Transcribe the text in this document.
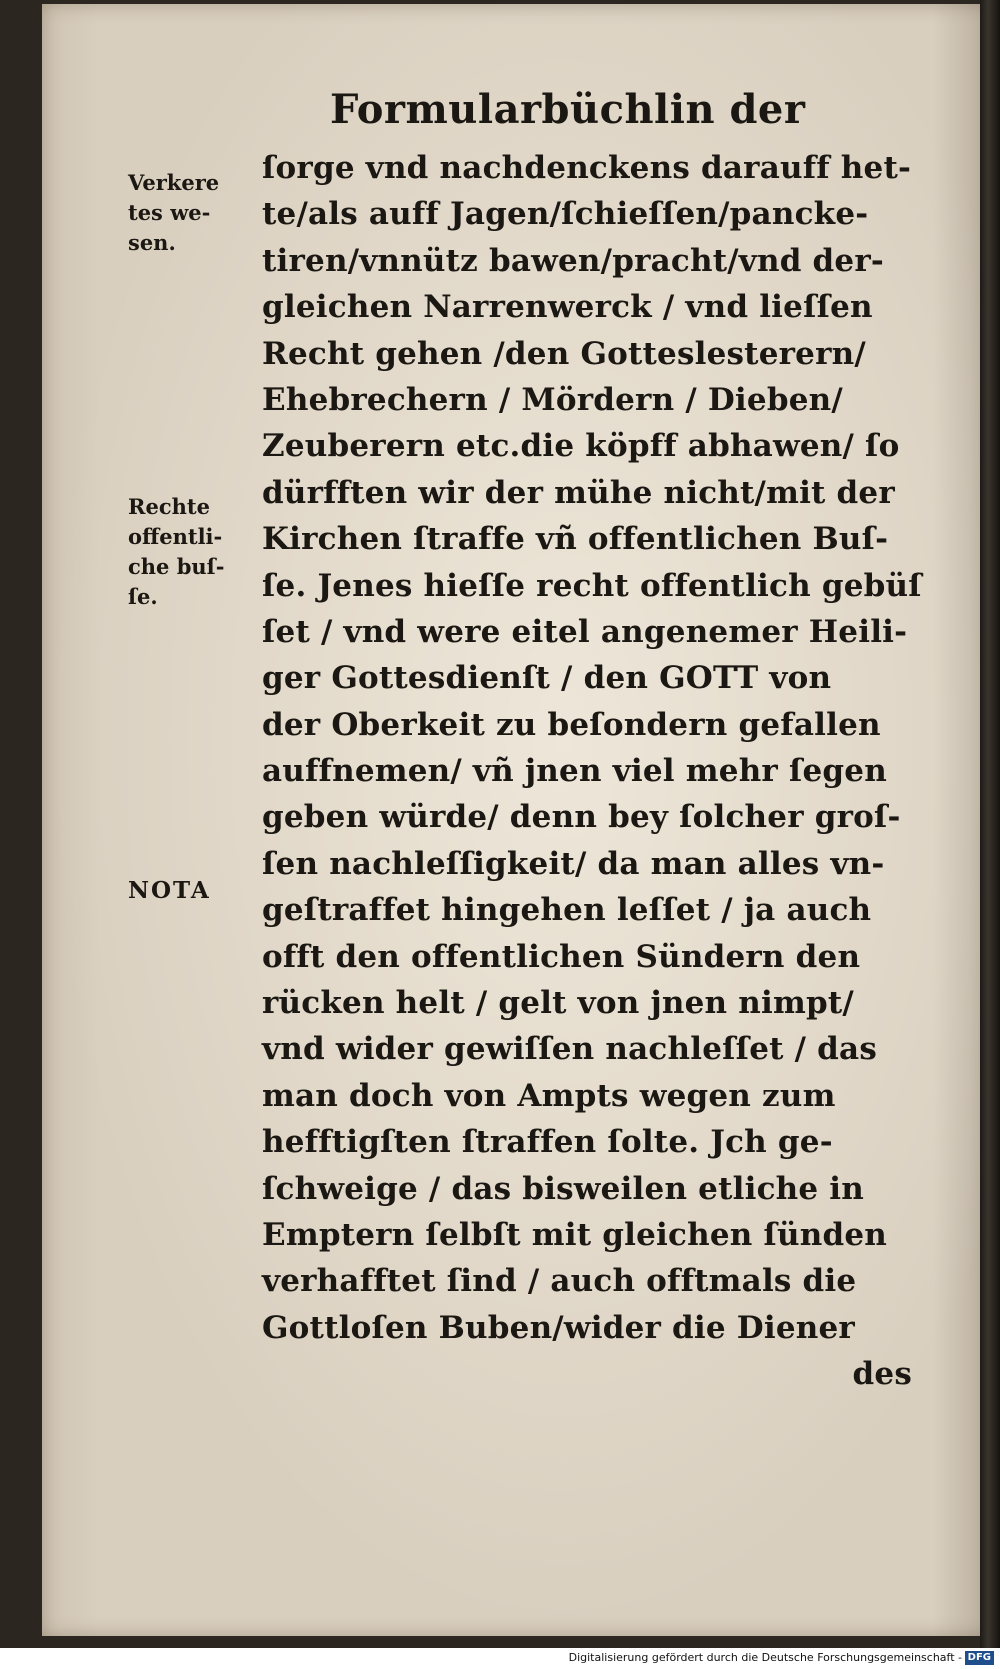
Formularbüchlin der
Verkere
tes we-
sen.
Rechte
offentli-
che buſ-
ſe.
NOTA
ſorge vnd nachdenckens darauff het-
te/als auff Jagen/ſchieſſen/pancke-
tiren/vnnütz bawen/pracht/vnd der-
gleichen Narrenwerck / vnd lieſſen
Recht gehen /den Gotteslesterern/
Ehebrechern / Mördern / Dieben/
Zeuberern etc.die köpff abhawen/ ſo
dürfften wir der mühe nicht/mit der
Kirchen ſtraffe vñ offentlichen Buſ-
ſe. Jenes hieſſe recht offentlich gebüſ
ſet / vnd were eitel angenemer Heili-
ger Gottesdienſt / den GOTT von
der Oberkeit zu beſondern gefallen
auffnemen/ vñ jnen viel mehr ſegen
geben würde/ denn bey ſolcher groſ-
ſen nachleſſigkeit/ da man alles vn-
geſtraffet hingehen leſſet / ja auch
offt den offentlichen Sündern den
rücken helt / gelt von jnen nimpt/
vnd wider gewiſſen nachleſſet / das
man doch von Ampts wegen zum
hefftigſten ſtraffen ſolte. Jch ge-
ſchweige / das bisweilen etliche in
Emptern ſelbſt mit gleichen ſünden
verhafftet ſind / auch offtmals die
Gottloſen Buben/wider die Diener
des
Digitalisierung gefördert durch die Deutsche Forschungsgemeinschaft - DFG
